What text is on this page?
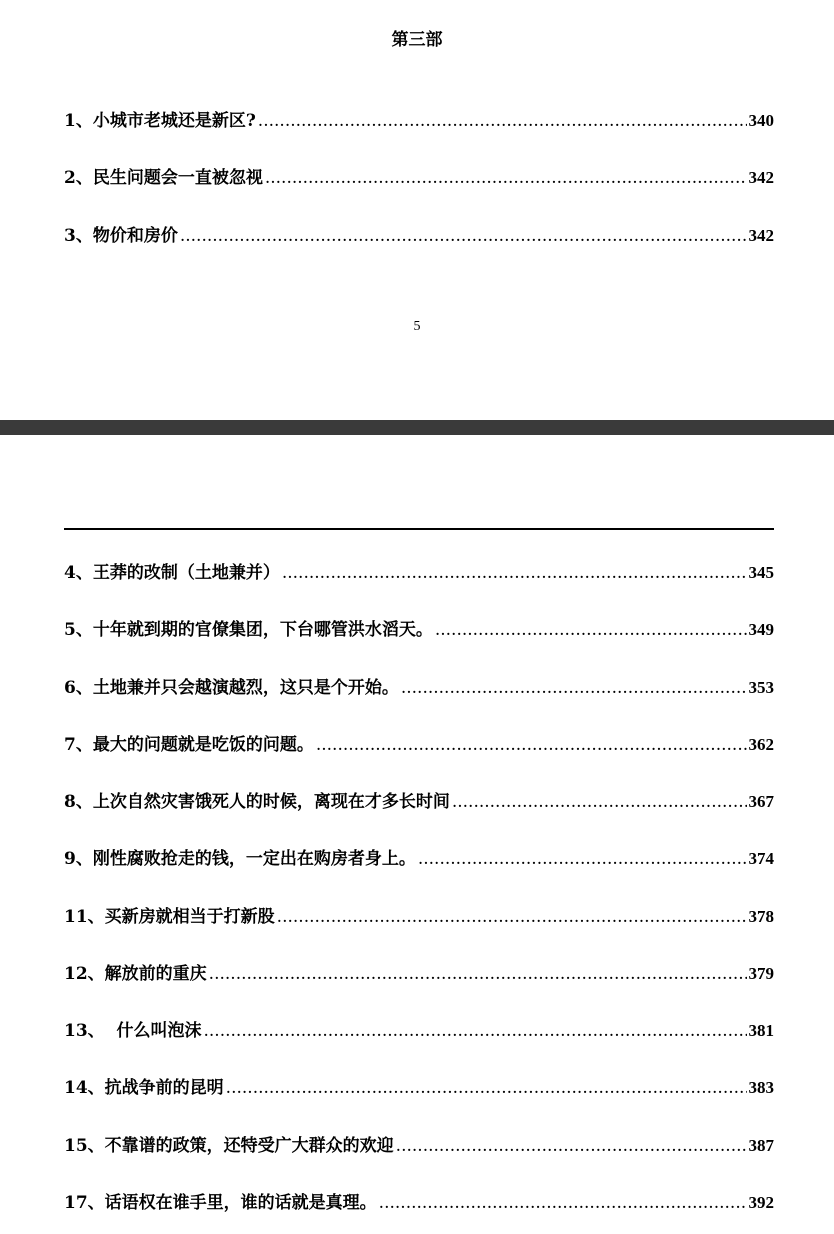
第三部
1、小城市老城还是新区? .....	340
2、民生问题会一直被忽视 .....	342
3、物价和房价 .....	342
5
4、王莽的改制（土地兼并） .....	345
5、十年就到期的官僚集团，下台哪管洪水滔天。 .....	349
6、土地兼并只会越演越烈，这只是个开始。 .....	353
7、最大的问题就是吃饭的问题。 .....	362
8、上次自然灾害饿死人的时候，离现在才多长时间 .....	367
9、刚性腐败抢走的钱，一定出在购房者身上。 .....	374
11、买新房就相当于打新股 .....	378
12、解放前的重庆 .....	379
13、  什么叫泡沫 .....	381
14、抗战争前的昆明 .....	383
15、不靠谱的政策，还特受广大群众的欢迎 .....	387
17、话语权在谁手里，谁的话就是真理。 .....	392
